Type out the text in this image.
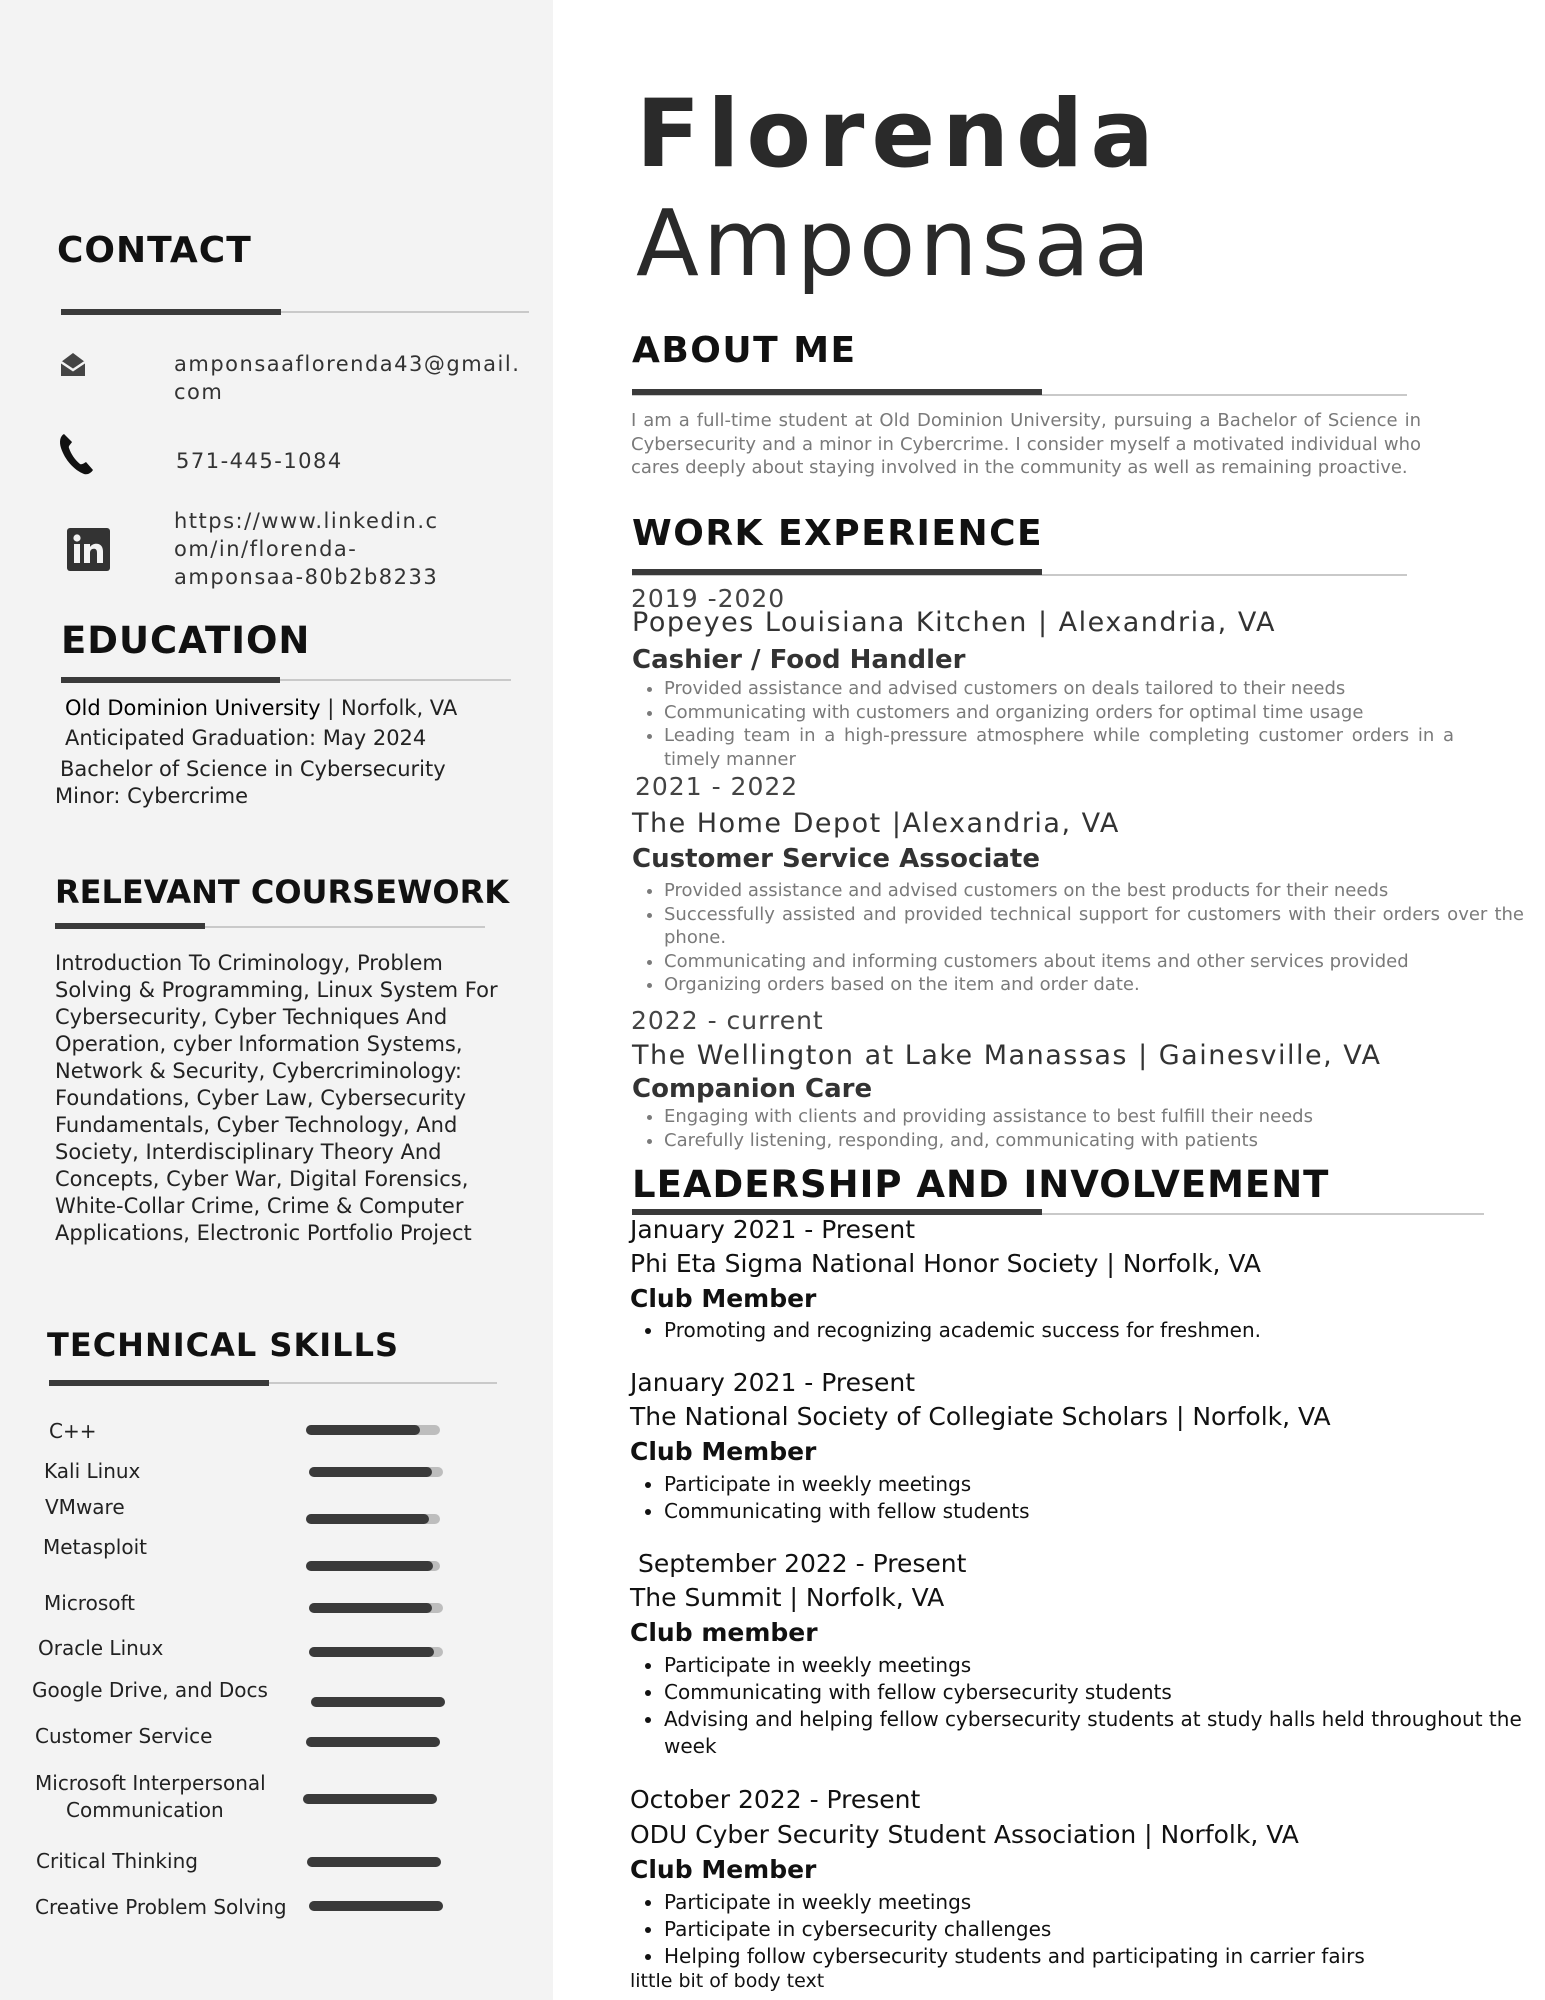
CONTACT
amponsaaflorenda43@gmail.
com
571-445-1084
https://www.linkedin.c
om/in/florenda-
amponsaa-80b2b8233
EDUCATION
Old Dominion University | Norfolk, VA
Anticipated Graduation: May 2024
Bachelor of Science in Cybersecurity
Minor: Cybercrime
RELEVANT COURSEWORK
Introduction To Criminology, Problem
Solving & Programming, Linux System For
Cybersecurity, Cyber Techniques And
Operation, cyber Information Systems,
Network & Security, Cybercriminology:
Foundations, Cyber Law, Cybersecurity
Fundamentals, Cyber Technology, And
Society, Interdisciplinary Theory And
Concepts, Cyber War, Digital Forensics,
White-Collar Crime, Crime & Computer
Applications, Electronic Portfolio Project
TECHNICAL SKILLS
C++
Kali Linux
VMware
Metasploit
Microsoft
Oracle Linux
Google Drive, and Docs
Customer Service
Microsoft Interpersonal
Communication
Critical Thinking
Creative Problem Solving
Florenda
Amponsaa
ABOUT ME
I am a full-time student at Old Dominion University, pursuing a Bachelor of Science in Cybersecurity and a minor in Cybercrime. I consider myself a motivated individual who cares deeply about staying involved in the community as well as remaining proactive.
WORK EXPERIENCE
2019 -2020
Popeyes Louisiana Kitchen | Alexandria, VA
Cashier / Food Handler
• Provided assistance and advised customers on deals tailored to their needs
• Communicating with customers and organizing orders for optimal time usage
• Leading team in a high-pressure atmosphere while completing customer orders in a timely manner
2021 - 2022
The Home Depot |Alexandria, VA
Customer Service Associate
• Provided assistance and advised customers on the best products for their needs
• Successfully assisted and provided technical support for customers with their orders over the phone.
• Communicating and informing customers about items and other services provided
• Organizing orders based on the item and order date.
2022 - current
The Wellington at Lake Manassas | Gainesville, VA
Companion Care
• Engaging with clients and providing assistance to best fulfill their needs
• Carefully listening, responding, and, communicating with patients
LEADERSHIP AND INVOLVEMENT
January 2021 - Present
Phi Eta Sigma National Honor Society | Norfolk, VA
Club Member
• Promoting and recognizing academic success for freshmen.
January 2021 - Present
The National Society of Collegiate Scholars | Norfolk, VA
Club Member
• Participate in weekly meetings
• Communicating with fellow students
September 2022 - Present
The Summit | Norfolk, VA
Club member
• Participate in weekly meetings
• Communicating with fellow cybersecurity students
• Advising and helping fellow cybersecurity students at study halls held throughout the week
October 2022 - Present
ODU Cyber Security Student Association | Norfolk, VA
Club Member
• Participate in weekly meetings
• Participate in cybersecurity challenges
• Helping follow cybersecurity students and participating in carrier fairs
little bit of body text
